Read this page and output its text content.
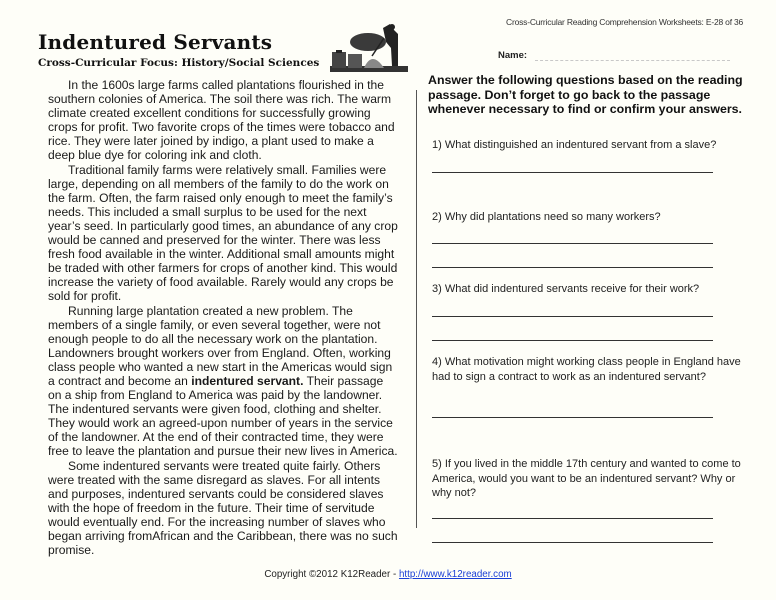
Indentured Servants
Cross-Curricular Focus: History/Social Sciences
Cross-Curricular Reading Comprehension Worksheets: E-28 of 36
Name:

In the 1600s large farms called plantations flourished in the southern colonies of America. The soil there was rich. The warm climate created excellent conditions for successfully growing crops for profit. Two favorite crops of the times were tobacco and rice. They were later joined by indigo, a plant used to make a deep blue dye for coloring ink and cloth.

Traditional family farms were relatively small. Families were large, depending on all members of the family to do the work on the farm. Often, the farm raised only enough to meet the family’s needs. This included a small surplus to be used for the next year’s seed. In particularly good times, an abundance of any crop would be canned and preserved for the winter. There was less fresh food available in the winter. Additional small amounts might be traded with other farmers for crops of another kind. This would increase the variety of food available. Rarely would any crops be sold for profit.

Running large plantation created a new problem. The members of a single family, or even several together, were not enough people to do all the necessary work on the plantation. Landowners brought workers over from England. Often, working class people who wanted a new start in the Americas would sign a contract and become an indentured servant. Their passage on a ship from England to America was paid by the landowner. The indentured servants were given food, clothing and shelter. They would work an agreed-upon number of years in the service of the landowner. At the end of their contracted time, they were free to leave the plantation and pursue their new lives in America.

Some indentured servants were treated quite fairly. Others were treated with the same disregard as slaves. For all intents and purposes, indentured servants could be considered slaves with the hope of freedom in the future. Their time of servitude would eventually end. For the increasing number of slaves who began arriving fromAfrican and the Caribbean, there was no such promise.

Answer the following questions based on the reading passage. Don’t forget to go back to the passage whenever necessary to find or confirm your answers.
1) What distinguished an indentured servant from a slave?
2) Why did plantations need so many workers?
3) What did indentured servants receive for their work?
4) What motivation might working class people in England have had to sign a contract to work as an indentured servant?
5) If you lived in the middle 17th century and wanted to come to America, would you want to be an indentured servant? Why or why not?
Copyright ©2012 K12Reader - http://www.k12reader.com
